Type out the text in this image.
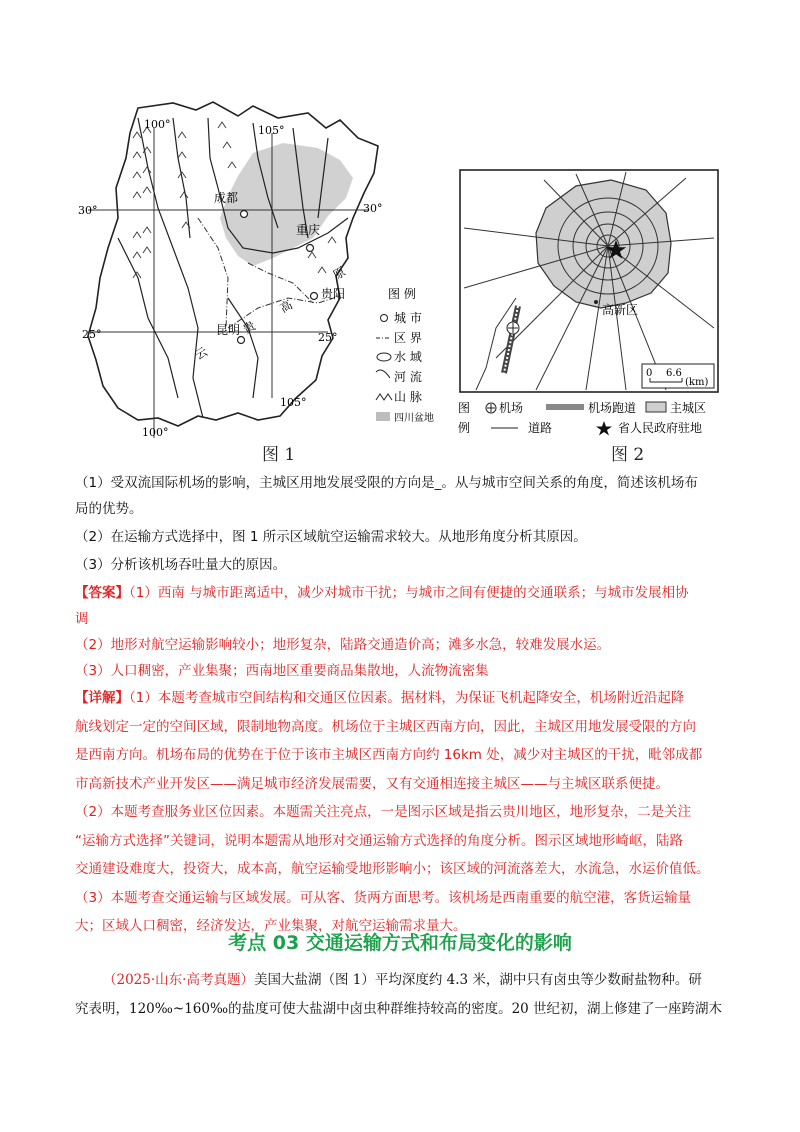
100°	105°
30°	30°
25°	25°
105°
100°
成都
重庆
贵阳
昆明
云
贵
高
原
图 例
城 市
区 界
水 域
河 流
山 脉
四川盆地
图 1
高新区
0 6.6
(km)
图
例
机场	机场跑道	主城区
道路	省人民政府驻地
图 2
（1）受双流国际机场的影响，主城区用地发展受限的方向是_。从与城市空间关系的角度，简述该机场布
局的优势。
（2）在运输方式选择中，图 1 所示区域航空运输需求较大。从地形角度分析其原因。
（3）分析该机场吞吐量大的原因。
【答案】（1）西南 与城市距离适中，减少对城市干扰；与城市之间有便捷的交通联系；与城市发展相协
调
（2）地形对航空运输影响较小；地形复杂，陆路交通造价高；滩多水急，较难发展水运。
（3）人口稠密，产业集聚；西南地区重要商品集散地，人流物流密集
【详解】（1）本题考查城市空间结构和交通区位因素。据材料，为保证飞机起降安全，机场附近沿起降
航线划定一定的空间区域，限制地物高度。机场位于主城区西南方向，因此，主城区用地发展受限的方向
是西南方向。机场布局的优势在于位于该市主城区西南方向约 16km 处，减少对主城区的干扰，毗邻成都
市高新技术产业开发区——满足城市经济发展需要，又有交通相连接主城区——与主城区联系便捷。
（2）本题考查服务业区位因素。本题需关注亮点，一是图示区域是指云贵川地区，地形复杂，二是关注
“运输方式选择”关键词，说明本题需从地形对交通运输方式选择的角度分析。图示区域地形崎岖，陆路
交通建设难度大，投资大，成本高，航空运输受地形影响小；该区域的河流落差大，水流急，水运价值低。
（3）本题考查交通运输与区域发展。可从客、货两方面思考。该机场是西南重要的航空港，客货运输量
大；区域人口稠密，经济发达，产业集聚，对航空运输需求量大。
考点 03 交通运输方式和布局变化的影响
（2025·山东·高考真题）美国大盐湖（图 1）平均深度约 4.3 米，湖中只有卤虫等少数耐盐物种。研
究表明，120‰~160‰的盐度可使大盐湖中卤虫种群维持较高的密度。20 世纪初，湖上修建了一座跨湖木
